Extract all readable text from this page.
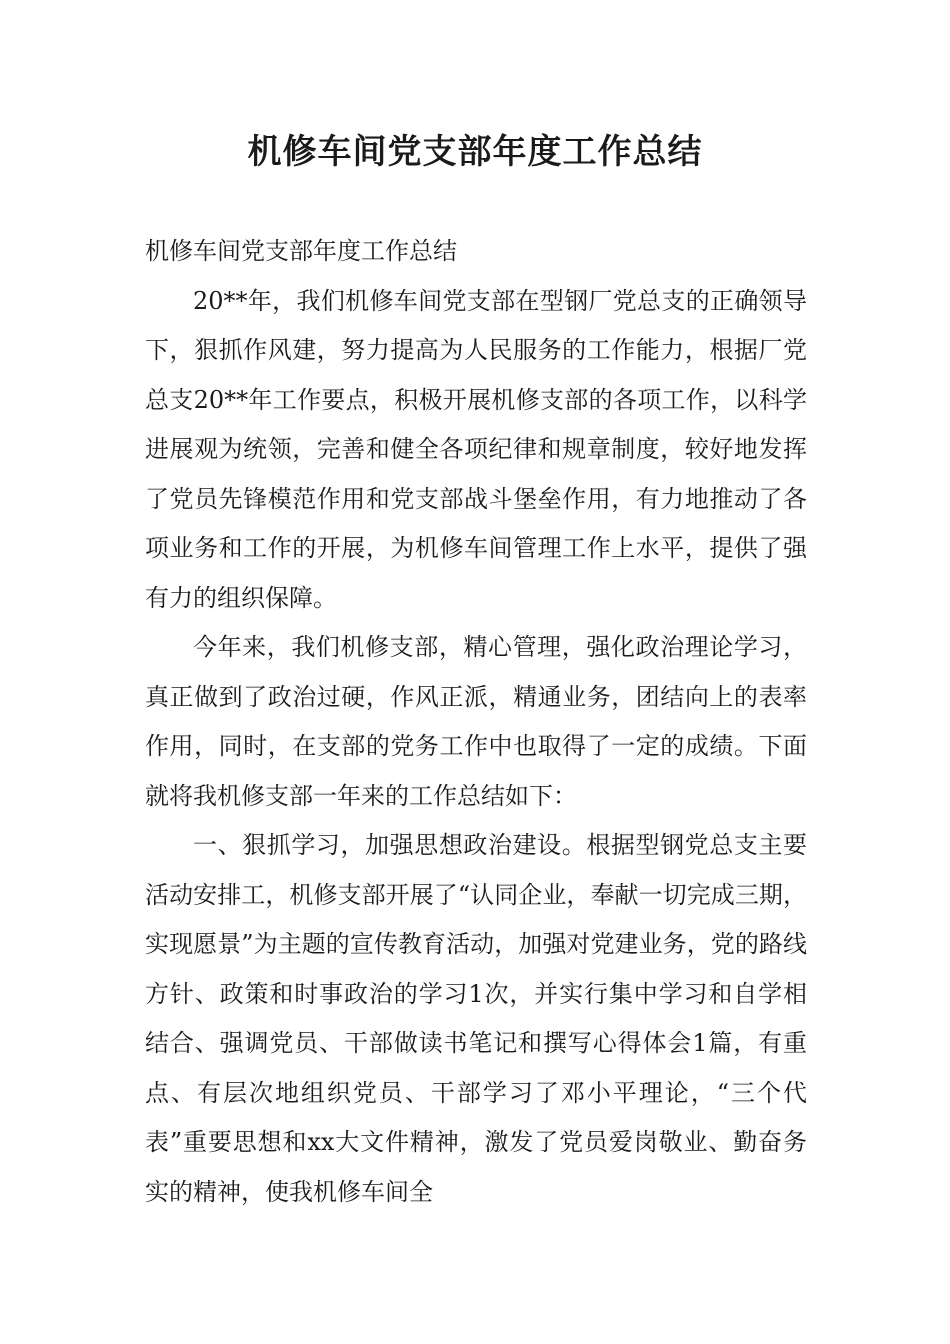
机修车间党支部年度工作总结

机修车间党支部年度工作总结

20**年，我们机修车间党支部在型钢厂党总支的正确领导下，狠抓作风建，努力提高为人民服务的工作能力，根据厂党总支20**年工作要点，积极开展机修支部的各项工作，以科学进展观为统领，完善和健全各项纪律和规章制度，较好地发挥了党员先锋模范作用和党支部战斗堡垒作用，有力地推动了各项业务和工作的开展，为机修车间管理工作上水平，提供了强有力的组织保障。

今年来，我们机修支部，精心管理，强化政治理论学习，真正做到了政治过硬，作风正派，精通业务，团结向上的表率作用，同时，在支部的党务工作中也取得了一定的成绩。下面就将我机修支部一年来的工作总结如下：

一、狠抓学习，加强思想政治建设。根据型钢党总支主要活动安排工，机修支部开展了“认同企业，奉献一切完成三期，实现愿景”为主题的宣传教育活动，加强对党建业务，党的路线方针、政策和时事政治的学习1次，并实行集中学习和自学相结合、强调党员、干部做读书笔记和撰写心得体会1篇，有重点、有层次地组织党员、干部学习了邓小平理论，“三个代表”重要思想和xx大文件精神，激发了党员爱岗敬业、勤奋务实的精神，使我机修车间全
